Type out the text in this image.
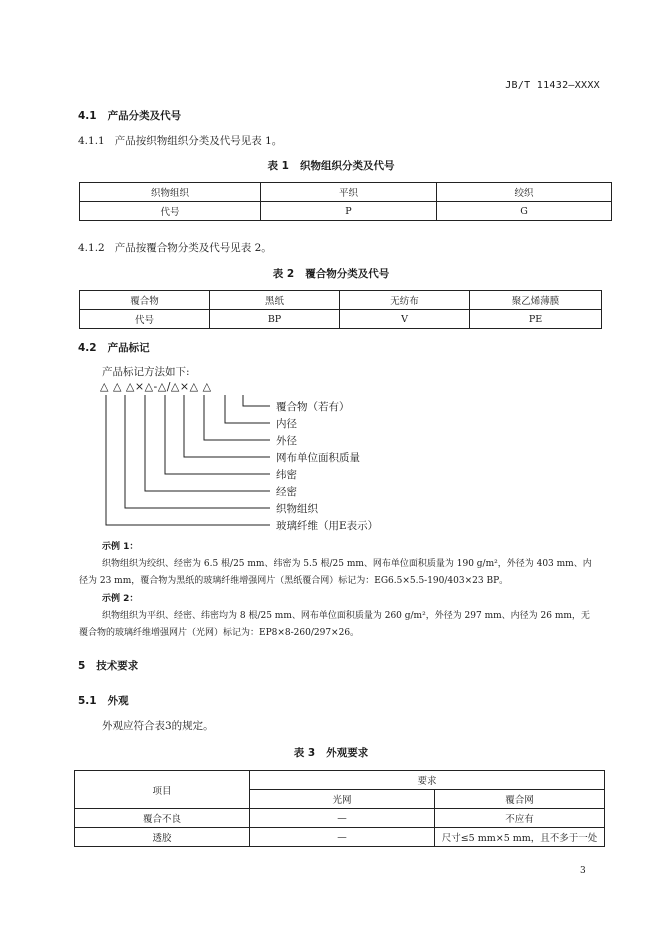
JB/T 11432—XXXX
4.1 产品分类及代号
4.1.1 产品按织物组织分类及代号见表 1。
表 1 织物组织分类及代号
织物组织	平织	绞织
代号	P	G
4.1.2 产品按覆合物分类及代号见表 2。
表 2 覆合物分类及代号
覆合物	黑纸	无纺布	聚乙烯薄膜
代号	BP	V	PE
4.2 产品标记
产品标记方法如下:
△ △ △×△-△/△×△ △
覆合物（若有）
内径
外径
网布单位面积质量
纬密
经密
织物组织
玻璃纤维（用E表示）
示例 1：
织物组织为绞织、经密为 6.5 根/25 mm、纬密为 5.5 根/25 mm、网布单位面积质量为 190 g/m²，外径为 403 mm、内
径为 23 mm，覆合物为黑纸的玻璃纤维增强网片（黑纸覆合网）标记为：EG6.5×5.5-190/403×23 BP。
示例 2：
织物组织为平织、经密、纬密均为 8 根/25 mm、网布单位面积质量为 260 g/m²，外径为 297 mm、内径为 26 mm，无
覆合物的玻璃纤维增强网片（光网）标记为：EP8×8-260/297×26。
5 技术要求
5.1 外观
外观应符合表3的规定。
表 3 外观要求
项目	要求	
	光网	覆合网
覆合不良	—	不应有
透胶	—	尺寸≤5 mm×5 mm，且不多于一处
3
